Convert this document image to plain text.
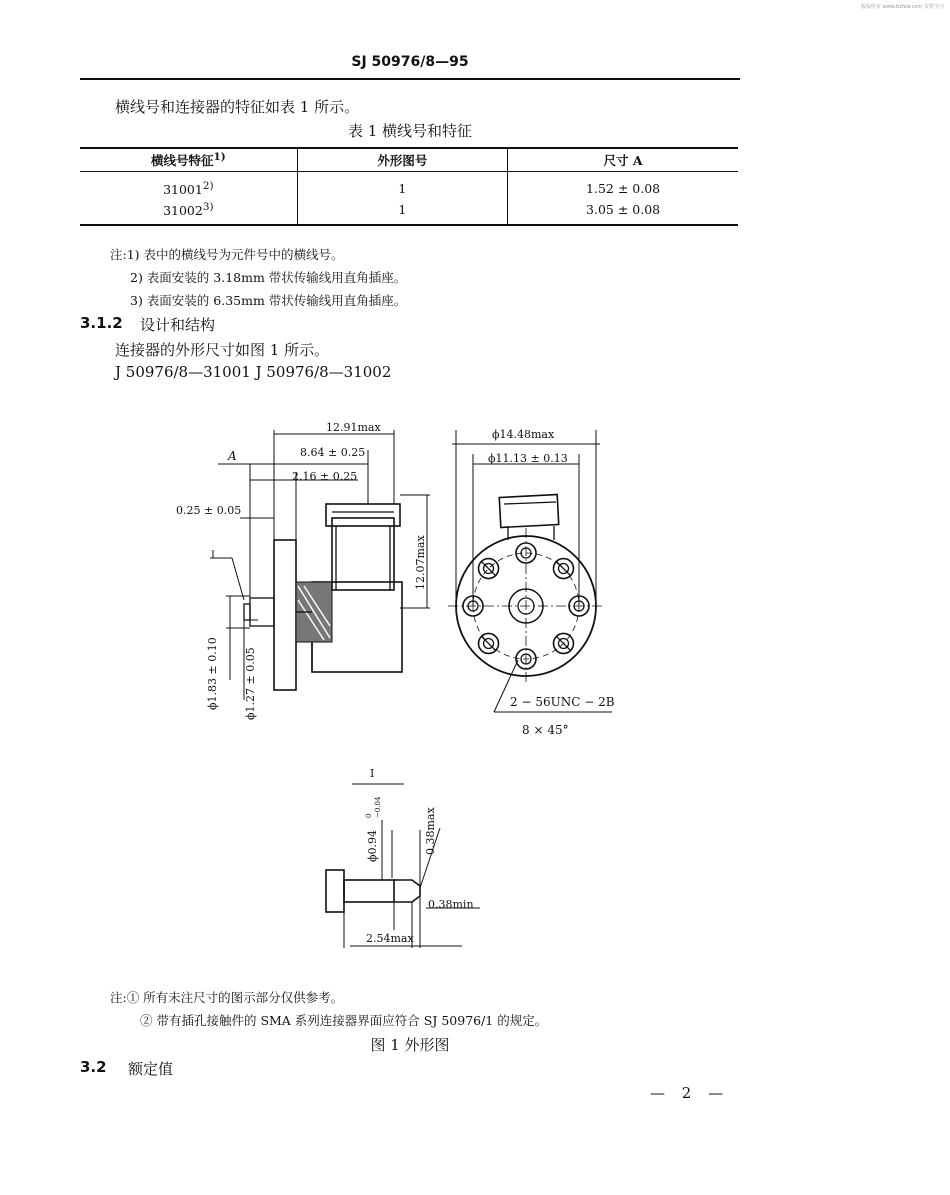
版权所有 www.bzfxw.com 仅供学习
SJ 50976/8—95
横线号和连接器的特征如表 1 所示。
表 1 横线号和特征
横线号特征$^{1)}$	外形图号	尺寸 A
31001$^{2)}$	1	1.52 ± 0.08
31002$^{3)}$	1	3.05 ± 0.08
注:1) 表中的横线号为元件号中的横线号。
2) 表面安装的 3.18mm 带状传输线用直角插座。
3) 表面安装的 6.35mm 带状传输线用直角插座。
3.1.2 设计和结构
连接器的外形尺寸如图 1 所示。
J 50976/8—31001 J 50976/8—31002
12.91max
8.64 ± 0.25
A
2.16 ± 0.25
0.25 ± 0.05
I	12.07max
ϕ1.83 ± 0.10 ϕ1.27 ± 0.05
ϕ14.48max
ϕ11.13 ± 0.13
2 − 56UNC − 2B
8 × 45°
I
ϕ0.94
0 −0.04
0.38max
0.38min
2.54max
注:① 所有未注尺寸的图示部分仅供参考。
② 带有插孔接触件的 SMA 系列连接器界面应符合 SJ 50976/1 的规定。
图 1 外形图
3.2 额定值
— 2 —
